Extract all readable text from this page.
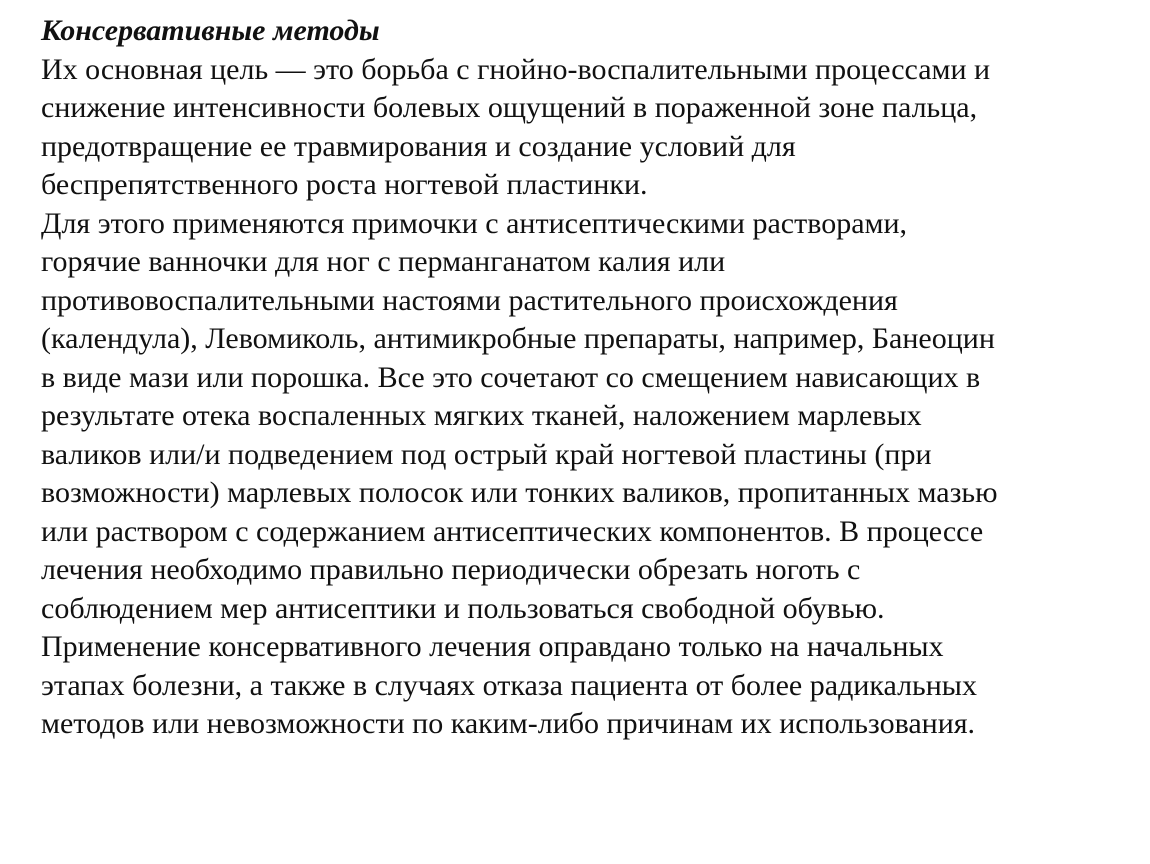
Консервативные методы
Их основная цель — это борьба с гнойно-воспалительными процессами и
снижение интенсивности болевых ощущений в пораженной зоне пальца,
предотвращение ее травмирования и создание условий для
беспрепятственного роста ногтевой пластинки.
Для этого применяются примочки с антисептическими растворами,
горячие ванночки для ног с перманганатом калия или
противовоспалительными настоями растительного происхождения
(календула), Левомиколь, антимикробные препараты, например, Банеоцин
в виде мази или порошка. Все это сочетают со смещением нависающих в
результате отека воспаленных мягких тканей, наложением марлевых
валиков или/и подведением под острый край ногтевой пластины (при
возможности) марлевых полосок или тонких валиков, пропитанных мазью
или раствором с содержанием антисептических компонентов. В процессе
лечения необходимо правильно периодически обрезать ноготь с
соблюдением мер антисептики и пользоваться свободной обувью.
Применение консервативного лечения оправдано только на начальных
этапах болезни, а также в случаях отказа пациента от более радикальных
методов или невозможности по каким-либо причинам их использования.
